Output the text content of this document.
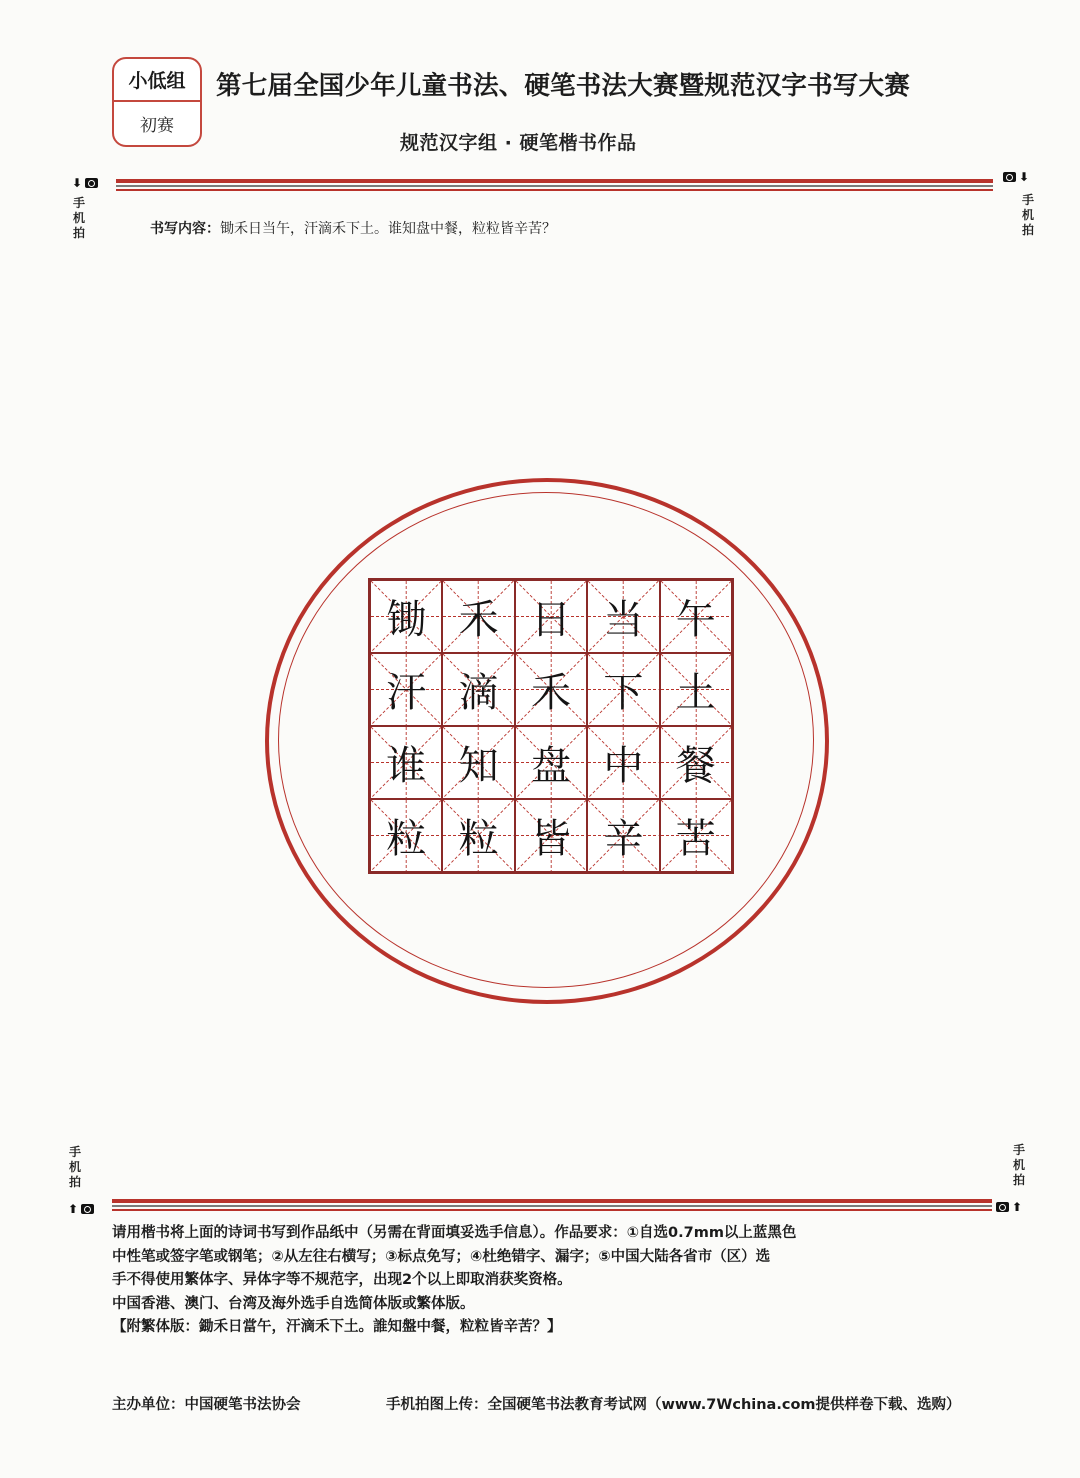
小低组
初赛
第七届全国少年儿童书法、硬笔书法大赛暨规范汉字书写大赛
规范汉字组 · 硬笔楷书作品
⬇
手机拍
⬇
手机拍
书写内容：锄禾日当午，汗滴禾下土。谁知盘中餐，粒粒皆辛苦？
锄 禾 日 当 午
汗 滴 禾 下 土
谁 知 盘 中 餐
粒 粒 皆 辛 苦
手机拍
⬆
手机拍
⬆

请用楷书将上面的诗词书写到作品纸中（另需在背面填妥选手信息）。作品要求：①自选0.7mm以上蓝黑色

中性笔或签字笔或钢笔；②从左往右横写；③标点免写；④杜绝错字、漏字；⑤中国大陆各省市（区）选

手不得使用繁体字、异体字等不规范字，出现2个以上即取消获奖资格。

中国香港、澳门、台湾及海外选手自选简体版或繁体版。

【附繁体版：鋤禾日當午，汗滴禾下土。誰知盤中餐，粒粒皆辛苦？】

主办单位：中国硬笔书法协会	手机拍图上传：全国硬笔书法教育考试网（www.7Wchina.com提供样卷下载、选购）
